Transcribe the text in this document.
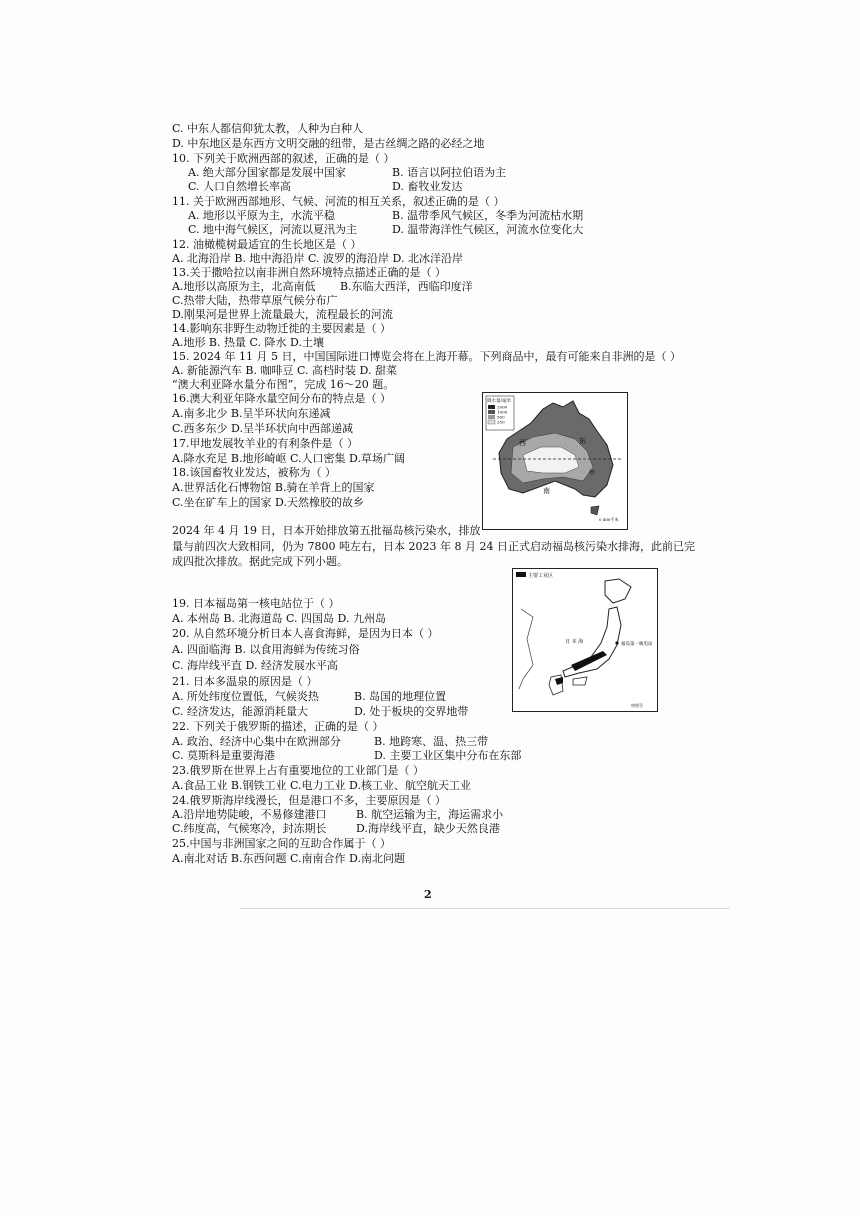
C. 中东人都信仰犹太教，人种为白种人
D. 中东地区是东西方文明交融的纽带，是古丝绸之路的必经之地
10. 下列关于欧洲西部的叙述，正确的是（ ）
A. 绝大部分国家都是发展中国家	B. 语言以阿拉伯语为主
C. 人口自然增长率高	D. 畜牧业发达
11. 关于欧洲西部地形、气候、河流的相互关系，叙述正确的是（ ）
A. 地形以平原为主，水流平稳	B. 温带季风气候区，冬季为河流枯水期
C. 地中海气候区，河流以夏汛为主	D. 温带海洋性气候区，河流水位变化大
12. 油橄榄树最适宜的生长地区是（ ）
A. 北海沿岸 B. 地中海沿岸 C. 波罗的海沿岸 D. 北冰洋沿岸
13.关于撒哈拉以南非洲自然环境特点描述正确的是（ ）
A.地形以高原为主，北高南低 B.东临大西洋，西临印度洋
C.热带大陆，热带草原气候分布广
D.刚果河是世界上流量最大，流程最长的河流
14.影响东非野生动物迁徙的主要因素是（ ）
A.地形 B. 热量 C. 降水 D.土壤
15. 2024 年 11 月 5 日，中国国际进口博览会将在上海开幕。下列商品中，最有可能来自非洲的是（ ）
A. 新能源汽车 B. 咖啡豆 C. 高档时装 D. 甜菜
“澳大利亚降水量分布图”，完成 16～20 题。
16.澳大利亚年降水量空间分布的特点是（ ）
A.南多北少 B.呈半环状向东递减
C.西多东少 D.呈半环状向中西部递减
17.甲地发展牧羊业的有利条件是（ ）
A.降水充足 B.地形崎岖 C.人口密集 D.草场广阔
18.该国畜牧业发达，被称为（ ）
A.世界活化石博物馆 B.骑在羊背上的国家
C.坐在矿车上的国家 D.天然橡胶的故乡
2024 年 4 月 19 日，日本开始排放第五批福岛核污染水，排放
量与前四次大致相同，仍为 7800 吨左右，日本 2023 年 8 月 24 日正式启动福岛核污染水排海，此前已完
成四批次排放。据此完成下列小题。
19. 日本福岛第一核电站位于（ ）
A. 本州岛 B. 北海道岛 C. 四国岛 D. 九州岛
20. 从自然环境分析日本人喜食海鲜，是因为日本（ ）
A. 四面临海 B. 以食用海鲜为传统习俗
C. 海岸线平直 D. 经济发展水平高
21. 日本多温泉的原因是（ ）
A. 所处纬度位置低，气候炎热	B. 岛国的地理位置
C. 经济发达，能源消耗量大	D. 处于板块的交界地带
22. 下列关于俄罗斯的描述，正确的是（ ）
A. 政治、经济中心集中在欧洲部分	B. 地跨寒、温、热三带
C. 莫斯科是重要海港	D. 主要工业区集中分布在东部
23.俄罗斯在世界上占有重要地位的工业部门是（ ）
A.食品工业 B.钢铁工业 C.电力工业 D.核工业、航空航天工业
24.俄罗斯海岸线漫长，但是港口不多，主要原因是（ ）
A.沿岸地势陡峻，不易修建港口	B. 航空运输为主，海运需求小
C.纬度高，气候寒冷，封冻期长	D.海岸线平直，缺少天然良港
25.中国与非洲国家之间的互助合作属于（ ）
A.南北对话 B.东西问题 C.南南合作 D.南北问题
降水量/毫米
2000
1000
500
250
西	东
甲
南
0 400千米
主要工业区
日 本 海	福岛第一核电站
审图号
2
